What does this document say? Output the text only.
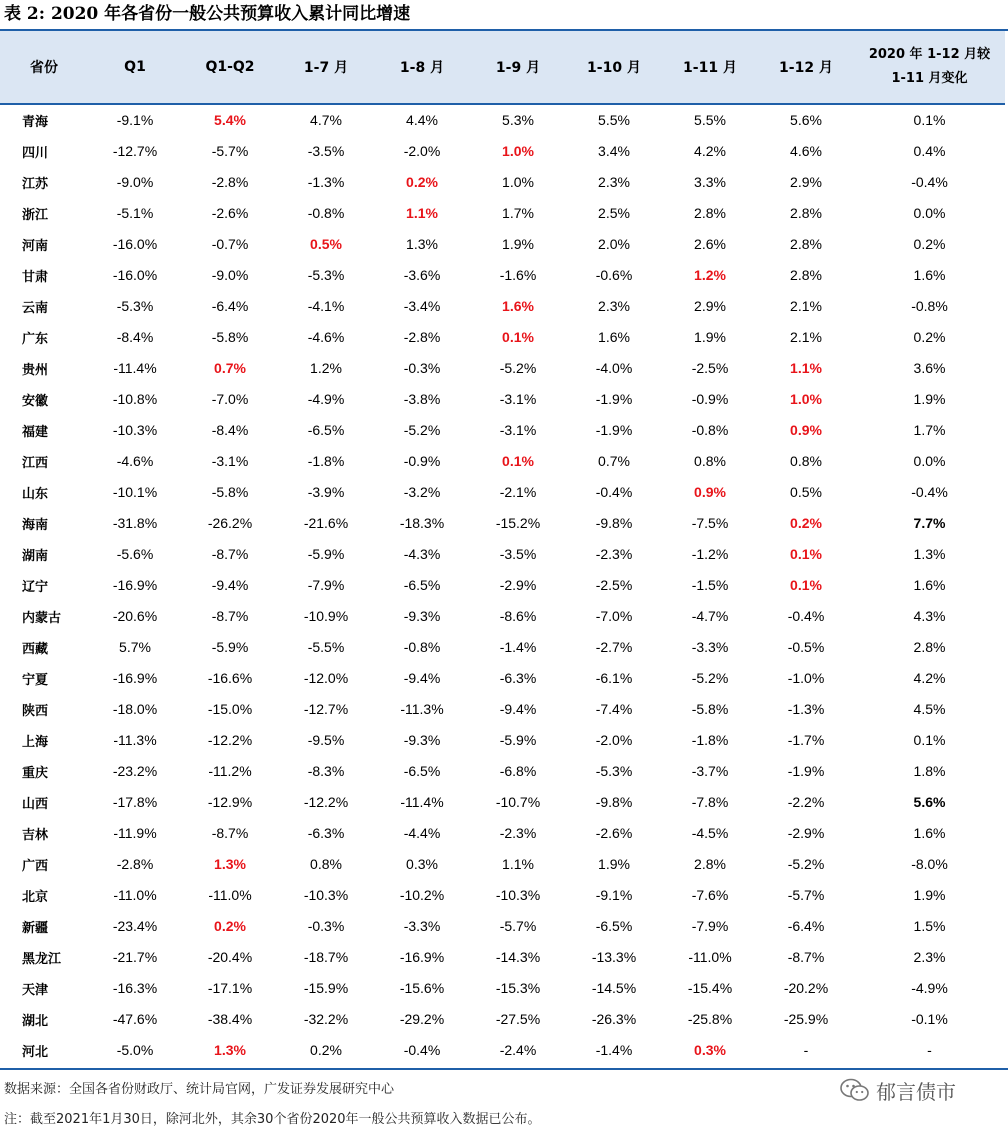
表 2: 2020 年各省份一般公共预算收入累计同比增速
省份	Q1	Q1-Q2	1-7 月	1-8 月	1-9 月	1-10 月	1-11 月	1-12 月	2020 年 1-12 月较
1-11 月变化

青海	-9.1%	5.4%	4.7%	4.4%	5.3%	5.5%	5.5%	5.6%	0.1%
四川	-12.7%	-5.7%	-3.5%	-2.0%	1.0%	3.4%	4.2%	4.6%	0.4%
江苏	-9.0%	-2.8%	-1.3%	0.2%	1.0%	2.3%	3.3%	2.9%	-0.4%
浙江	-5.1%	-2.6%	-0.8%	1.1%	1.7%	2.5%	2.8%	2.8%	0.0%
河南	-16.0%	-0.7%	0.5%	1.3%	1.9%	2.0%	2.6%	2.8%	0.2%
甘肃	-16.0%	-9.0%	-5.3%	-3.6%	-1.6%	-0.6%	1.2%	2.8%	1.6%
云南	-5.3%	-6.4%	-4.1%	-3.4%	1.6%	2.3%	2.9%	2.1%	-0.8%
广东	-8.4%	-5.8%	-4.6%	-2.8%	0.1%	1.6%	1.9%	2.1%	0.2%
贵州	-11.4%	0.7%	1.2%	-0.3%	-5.2%	-4.0%	-2.5%	1.1%	3.6%
安徽	-10.8%	-7.0%	-4.9%	-3.8%	-3.1%	-1.9%	-0.9%	1.0%	1.9%
福建	-10.3%	-8.4%	-6.5%	-5.2%	-3.1%	-1.9%	-0.8%	0.9%	1.7%
江西	-4.6%	-3.1%	-1.8%	-0.9%	0.1%	0.7%	0.8%	0.8%	0.0%
山东	-10.1%	-5.8%	-3.9%	-3.2%	-2.1%	-0.4%	0.9%	0.5%	-0.4%
海南	-31.8%	-26.2%	-21.6%	-18.3%	-15.2%	-9.8%	-7.5%	0.2%	7.7%
湖南	-5.6%	-8.7%	-5.9%	-4.3%	-3.5%	-2.3%	-1.2%	0.1%	1.3%
辽宁	-16.9%	-9.4%	-7.9%	-6.5%	-2.9%	-2.5%	-1.5%	0.1%	1.6%
内蒙古	-20.6%	-8.7%	-10.9%	-9.3%	-8.6%	-7.0%	-4.7%	-0.4%	4.3%
西藏	5.7%	-5.9%	-5.5%	-0.8%	-1.4%	-2.7%	-3.3%	-0.5%	2.8%
宁夏	-16.9%	-16.6%	-12.0%	-9.4%	-6.3%	-6.1%	-5.2%	-1.0%	4.2%
陕西	-18.0%	-15.0%	-12.7%	-11.3%	-9.4%	-7.4%	-5.8%	-1.3%	4.5%
上海	-11.3%	-12.2%	-9.5%	-9.3%	-5.9%	-2.0%	-1.8%	-1.7%	0.1%
重庆	-23.2%	-11.2%	-8.3%	-6.5%	-6.8%	-5.3%	-3.7%	-1.9%	1.8%
山西	-17.8%	-12.9%	-12.2%	-11.4%	-10.7%	-9.8%	-7.8%	-2.2%	5.6%
吉林	-11.9%	-8.7%	-6.3%	-4.4%	-2.3%	-2.6%	-4.5%	-2.9%	1.6%
广西	-2.8%	1.3%	0.8%	0.3%	1.1%	1.9%	2.8%	-5.2%	-8.0%
北京	-11.0%	-11.0%	-10.3%	-10.2%	-10.3%	-9.1%	-7.6%	-5.7%	1.9%
新疆	-23.4%	0.2%	-0.3%	-3.3%	-5.7%	-6.5%	-7.9%	-6.4%	1.5%
黑龙江	-21.7%	-20.4%	-18.7%	-16.9%	-14.3%	-13.3%	-11.0%	-8.7%	2.3%
天津	-16.3%	-17.1%	-15.9%	-15.6%	-15.3%	-14.5%	-15.4%	-20.2%	-4.9%
湖北	-47.6%	-38.4%	-32.2%	-29.2%	-27.5%	-26.3%	-25.8%	-25.9%	-0.1%
河北	-5.0%	1.3%	0.2%	-0.4%	-2.4%	-1.4%	0.3%	-	-
数据来源：全国各省份财政厅、统计局官网，广发证券发展研究中心
注：截至2021年1月30日，除河北外，其余30个省份2020年一般公共预算收入数据已公布。
郁言债市
